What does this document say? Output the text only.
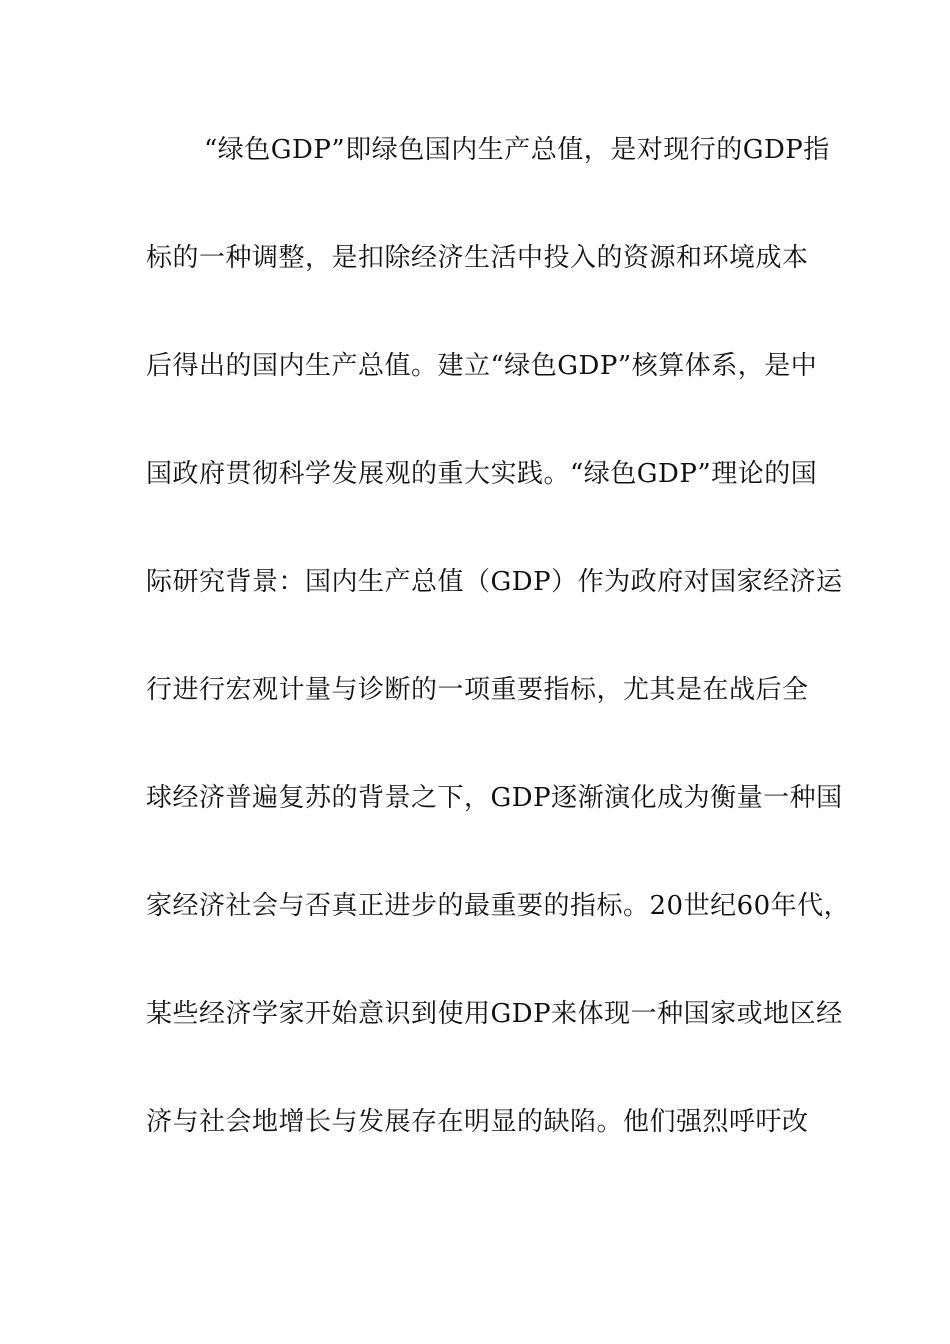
“绿色GDP”即绿色国内生产总值，是对现行的GDP指
标的一种调整，是扣除经济生活中投入的资源和环境成本
后得出的国内生产总值。建立“绿色GDP”核算体系，是中
国政府贯彻科学发展观的重大实践。“绿色GDP”理论的国
际研究背景：国内生产总值（GDP）作为政府对国家经济运
行进行宏观计量与诊断的一项重要指标，尤其是在战后全
球经济普遍复苏的背景之下，GDP逐渐演化成为衡量一种国
家经济社会与否真正进步的最重要的指标。20世纪60年代，
某些经济学家开始意识到使用GDP来体现一种国家或地区经
济与社会地增长与发展存在明显的缺陷。他们强烈呼吁改
